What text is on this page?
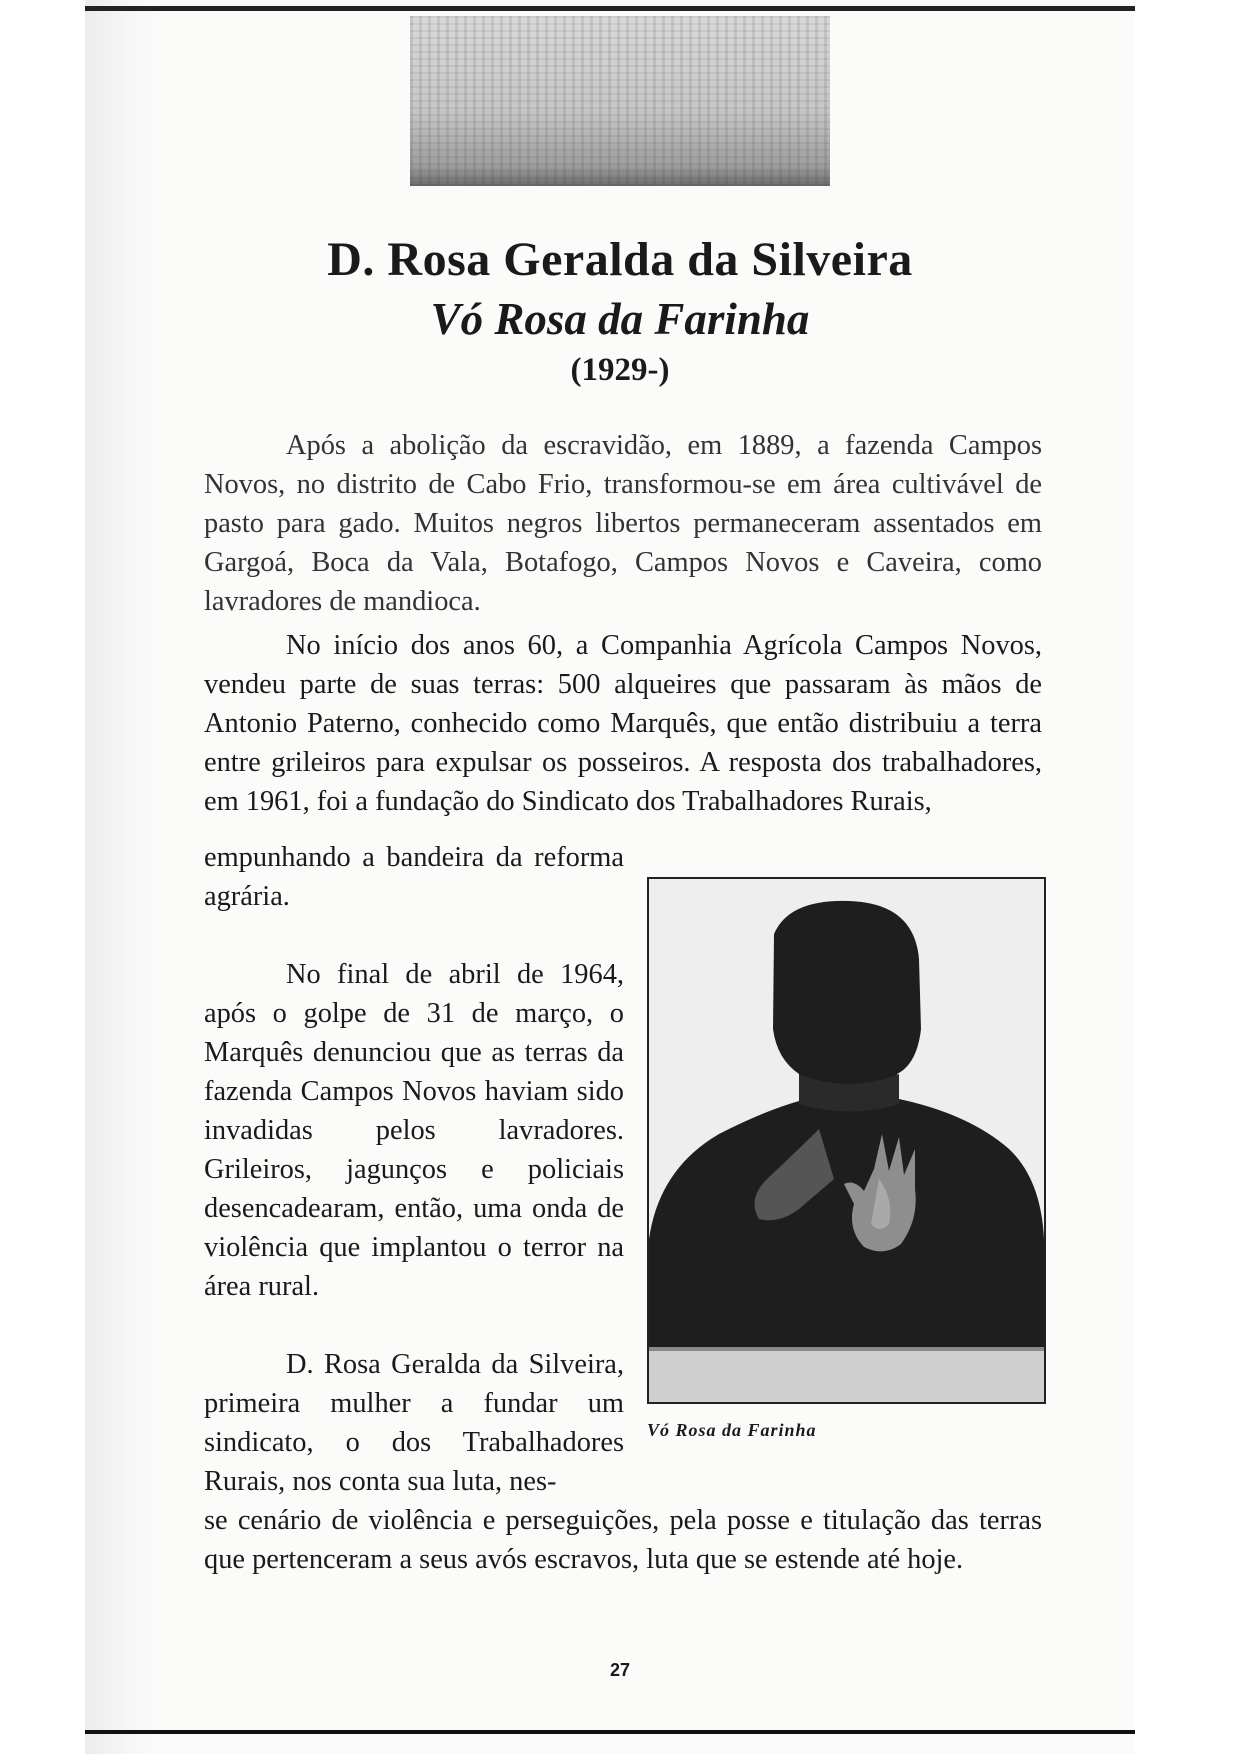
D. Rosa Geralda da Silveira
Vó Rosa da Farinha
(1929-)

Após a abolição da escravidão, em 1889, a fazenda Campos Novos, no distrito de Cabo Frio, transformou-se em área cultivável de pasto para gado. Muitos negros libertos permaneceram assentados em Gargoá, Boca da Vala, Botafogo, Campos Novos e Caveira, como lavradores de mandioca.

No início dos anos 60, a Companhia Agrícola Campos Novos, vendeu parte de suas terras: 500 alqueires que passaram às mãos de Antonio Paterno, conhecido como Marquês, que então distribuiu a terra entre grileiros para expulsar os posseiros. A resposta dos trabalhadores, em 1961, foi a fundação do Sindicato dos Trabalhadores Rurais,

empunhando a bandeira da reforma agrária.

No final de abril de 1964, após o golpe de 31 de março, o Marquês denunciou que as terras da fazenda Campos Novos haviam sido invadidas pelos lavradores. Grileiros, jagunços e policiais desencadearam, então, uma onda de violência que implantou o terror na área rural.

D. Rosa Geralda da Silveira, primeira mulher a fundar um sindicato, o dos Trabalhadores Rurais, nos conta sua luta, nes-

se cenário de violência e perseguições, pela posse e titulação das terras que pertenceram a seus avós escravos, luta que se estende até hoje.

Vó Rosa da Farinha
27
